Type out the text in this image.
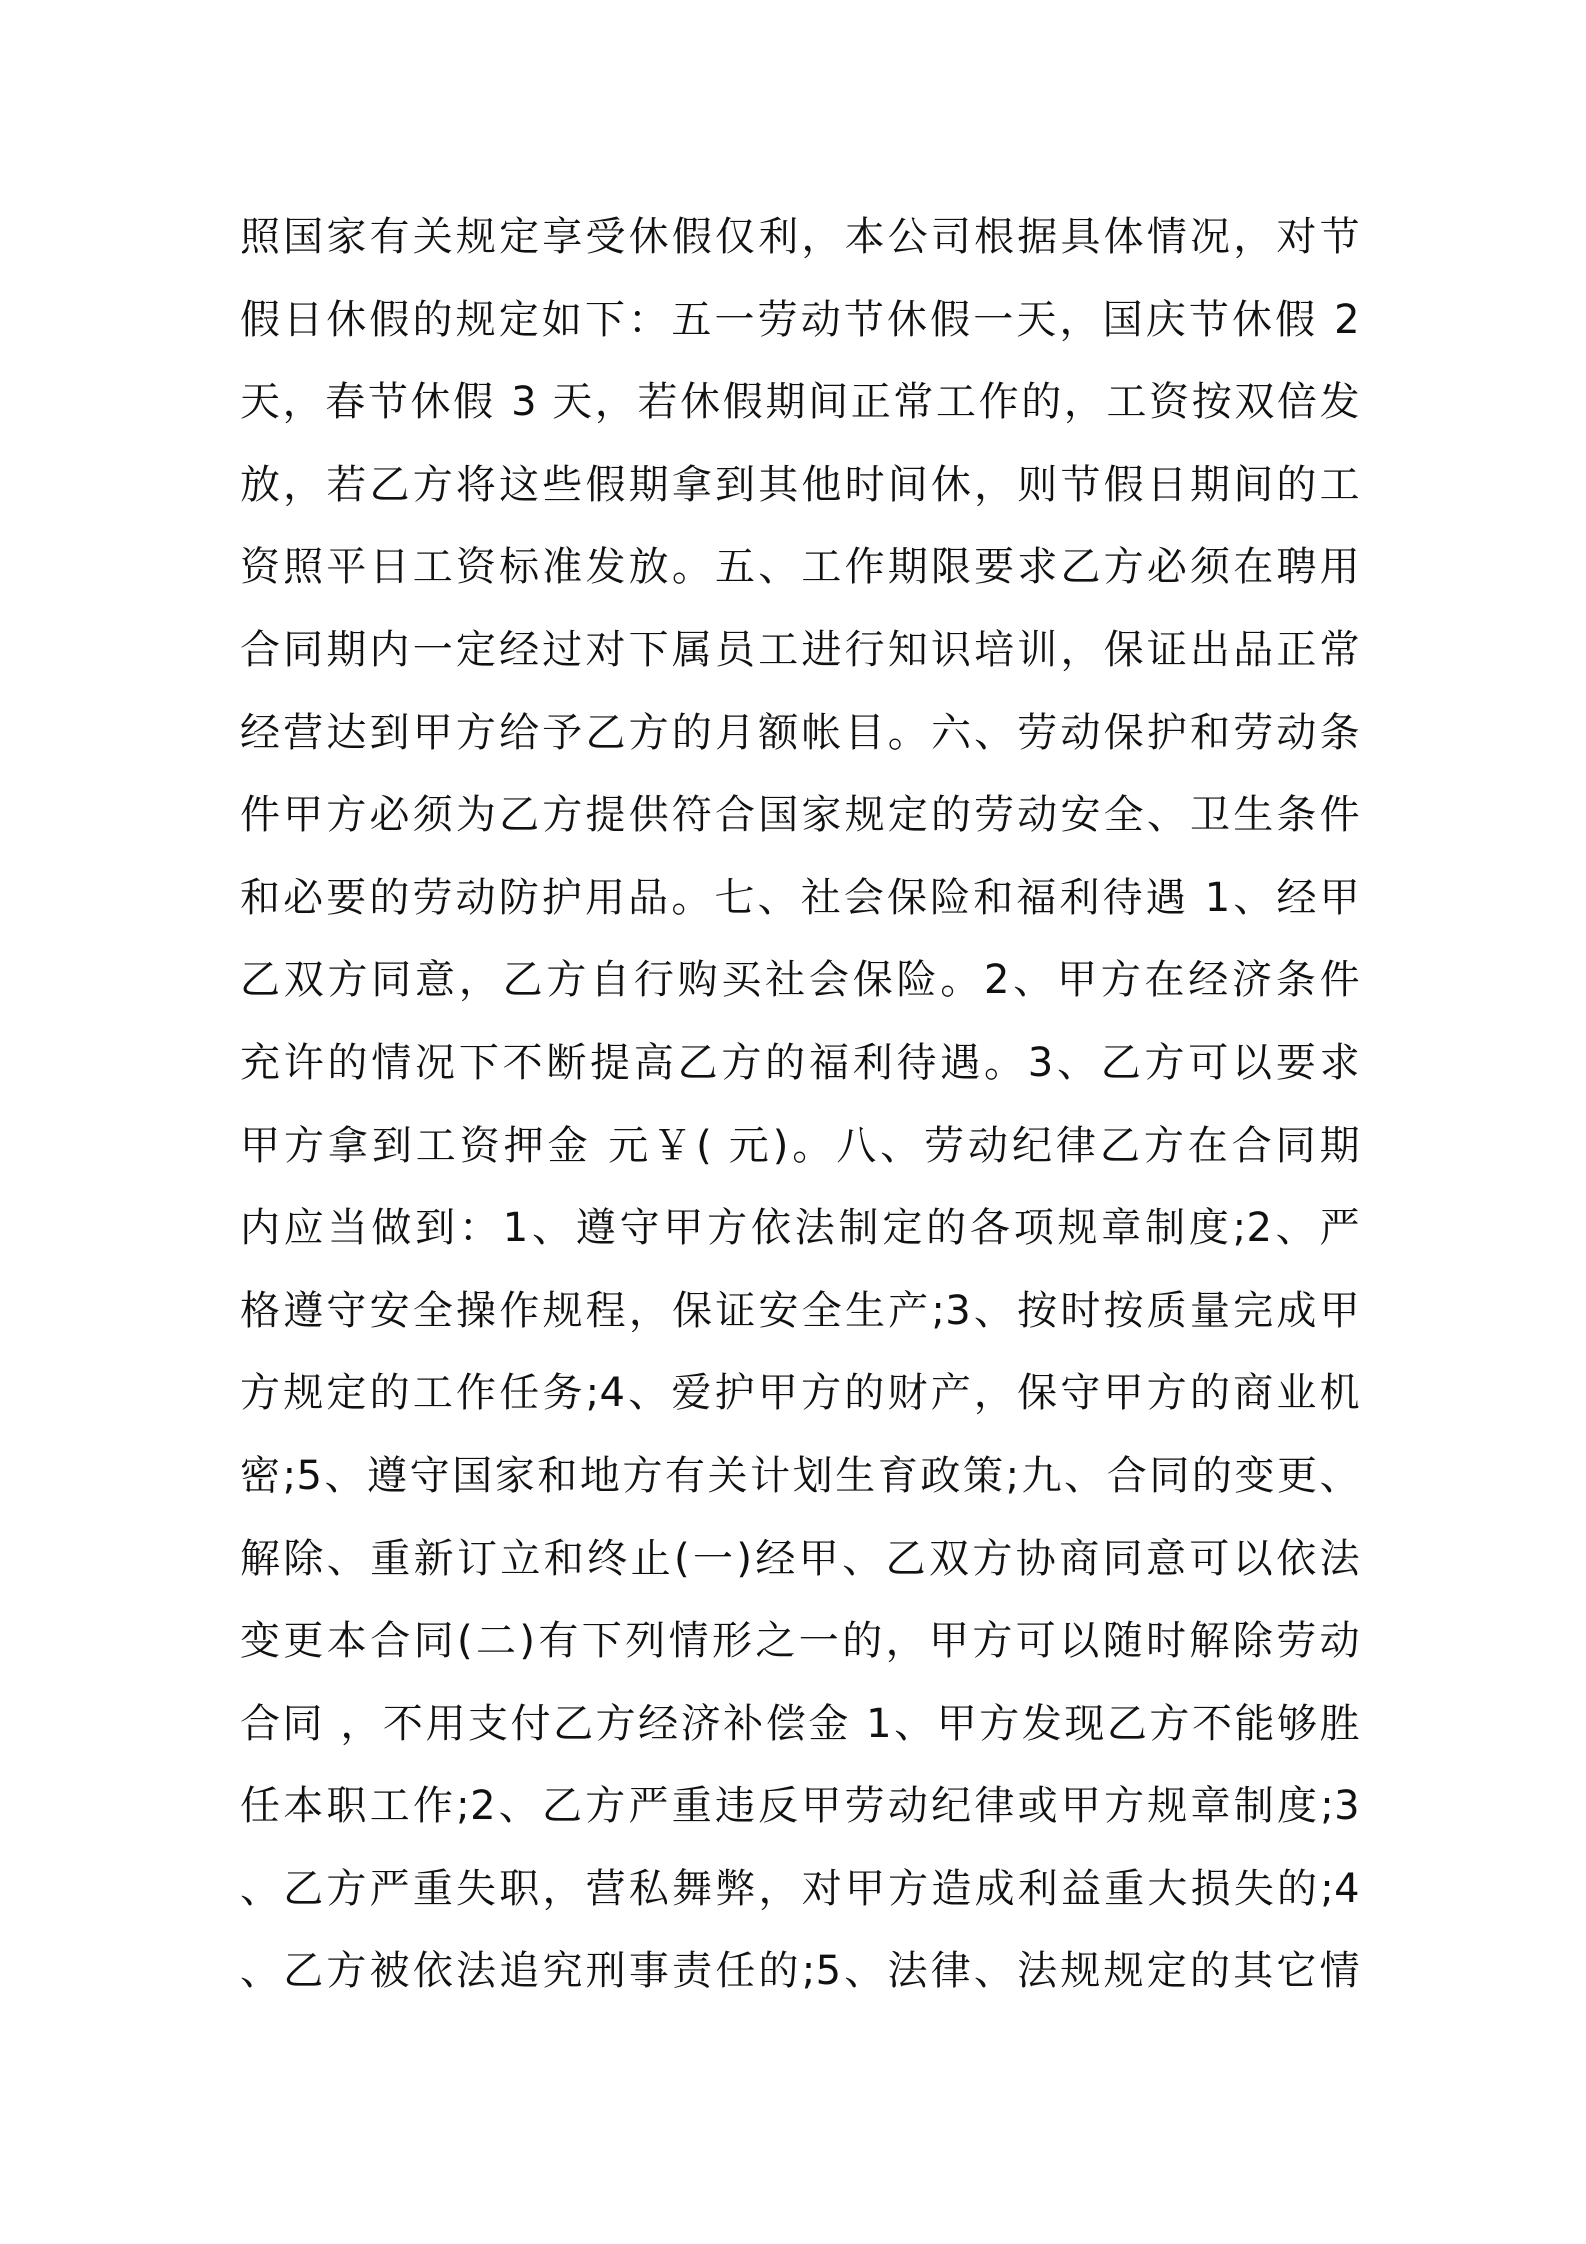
照国家有关规定享受休假仅利，本公司根据具体情况，对节
假日休假的规定如下：五一劳动节休假一天，国庆节休假 2
天，春节休假 3 天，若休假期间正常工作的，工资按双倍发
放，若乙方将这些假期拿到其他时间休，则节假日期间的工
资照平日工资标准发放。五、工作期限要求乙方必须在聘用
合同期内一定经过对下属员工进行知识培训，保证出品正常
经营达到甲方给予乙方的月额帐目。六、劳动保护和劳动条
件甲方必须为乙方提供符合国家规定的劳动安全、卫生条件
和必要的劳动防护用品。七、社会保险和福利待遇 1、经甲
乙双方同意，乙方自行购买社会保险。2、甲方在经济条件
充许的情况下不断提高乙方的福利待遇。3、乙方可以要求
甲方拿到工资押金 元￥( 元)。八、劳动纪律乙方在合同期
内应当做到：1、遵守甲方依法制定的各项规章制度;2、严
格遵守安全操作规程，保证安全生产;3、按时按质量完成甲
方规定的工作任务;4、爱护甲方的财产，保守甲方的商业机
密;5、遵守国家和地方有关计划生育政策;九、合同的变更、
解除、重新订立和终止(一)经甲、乙双方协商同意可以依法
变更本合同(二)有下列情形之一的，甲方可以随时解除劳动
合同 ，不用支付乙方经济补偿金 1、甲方发现乙方不能够胜
任本职工作;2、乙方严重违反甲劳动纪律或甲方规章制度;3
、乙方严重失职，营私舞弊，对甲方造成利益重大损失的;4
、乙方被依法追究刑事责任的;5、法律、法规规定的其它情
